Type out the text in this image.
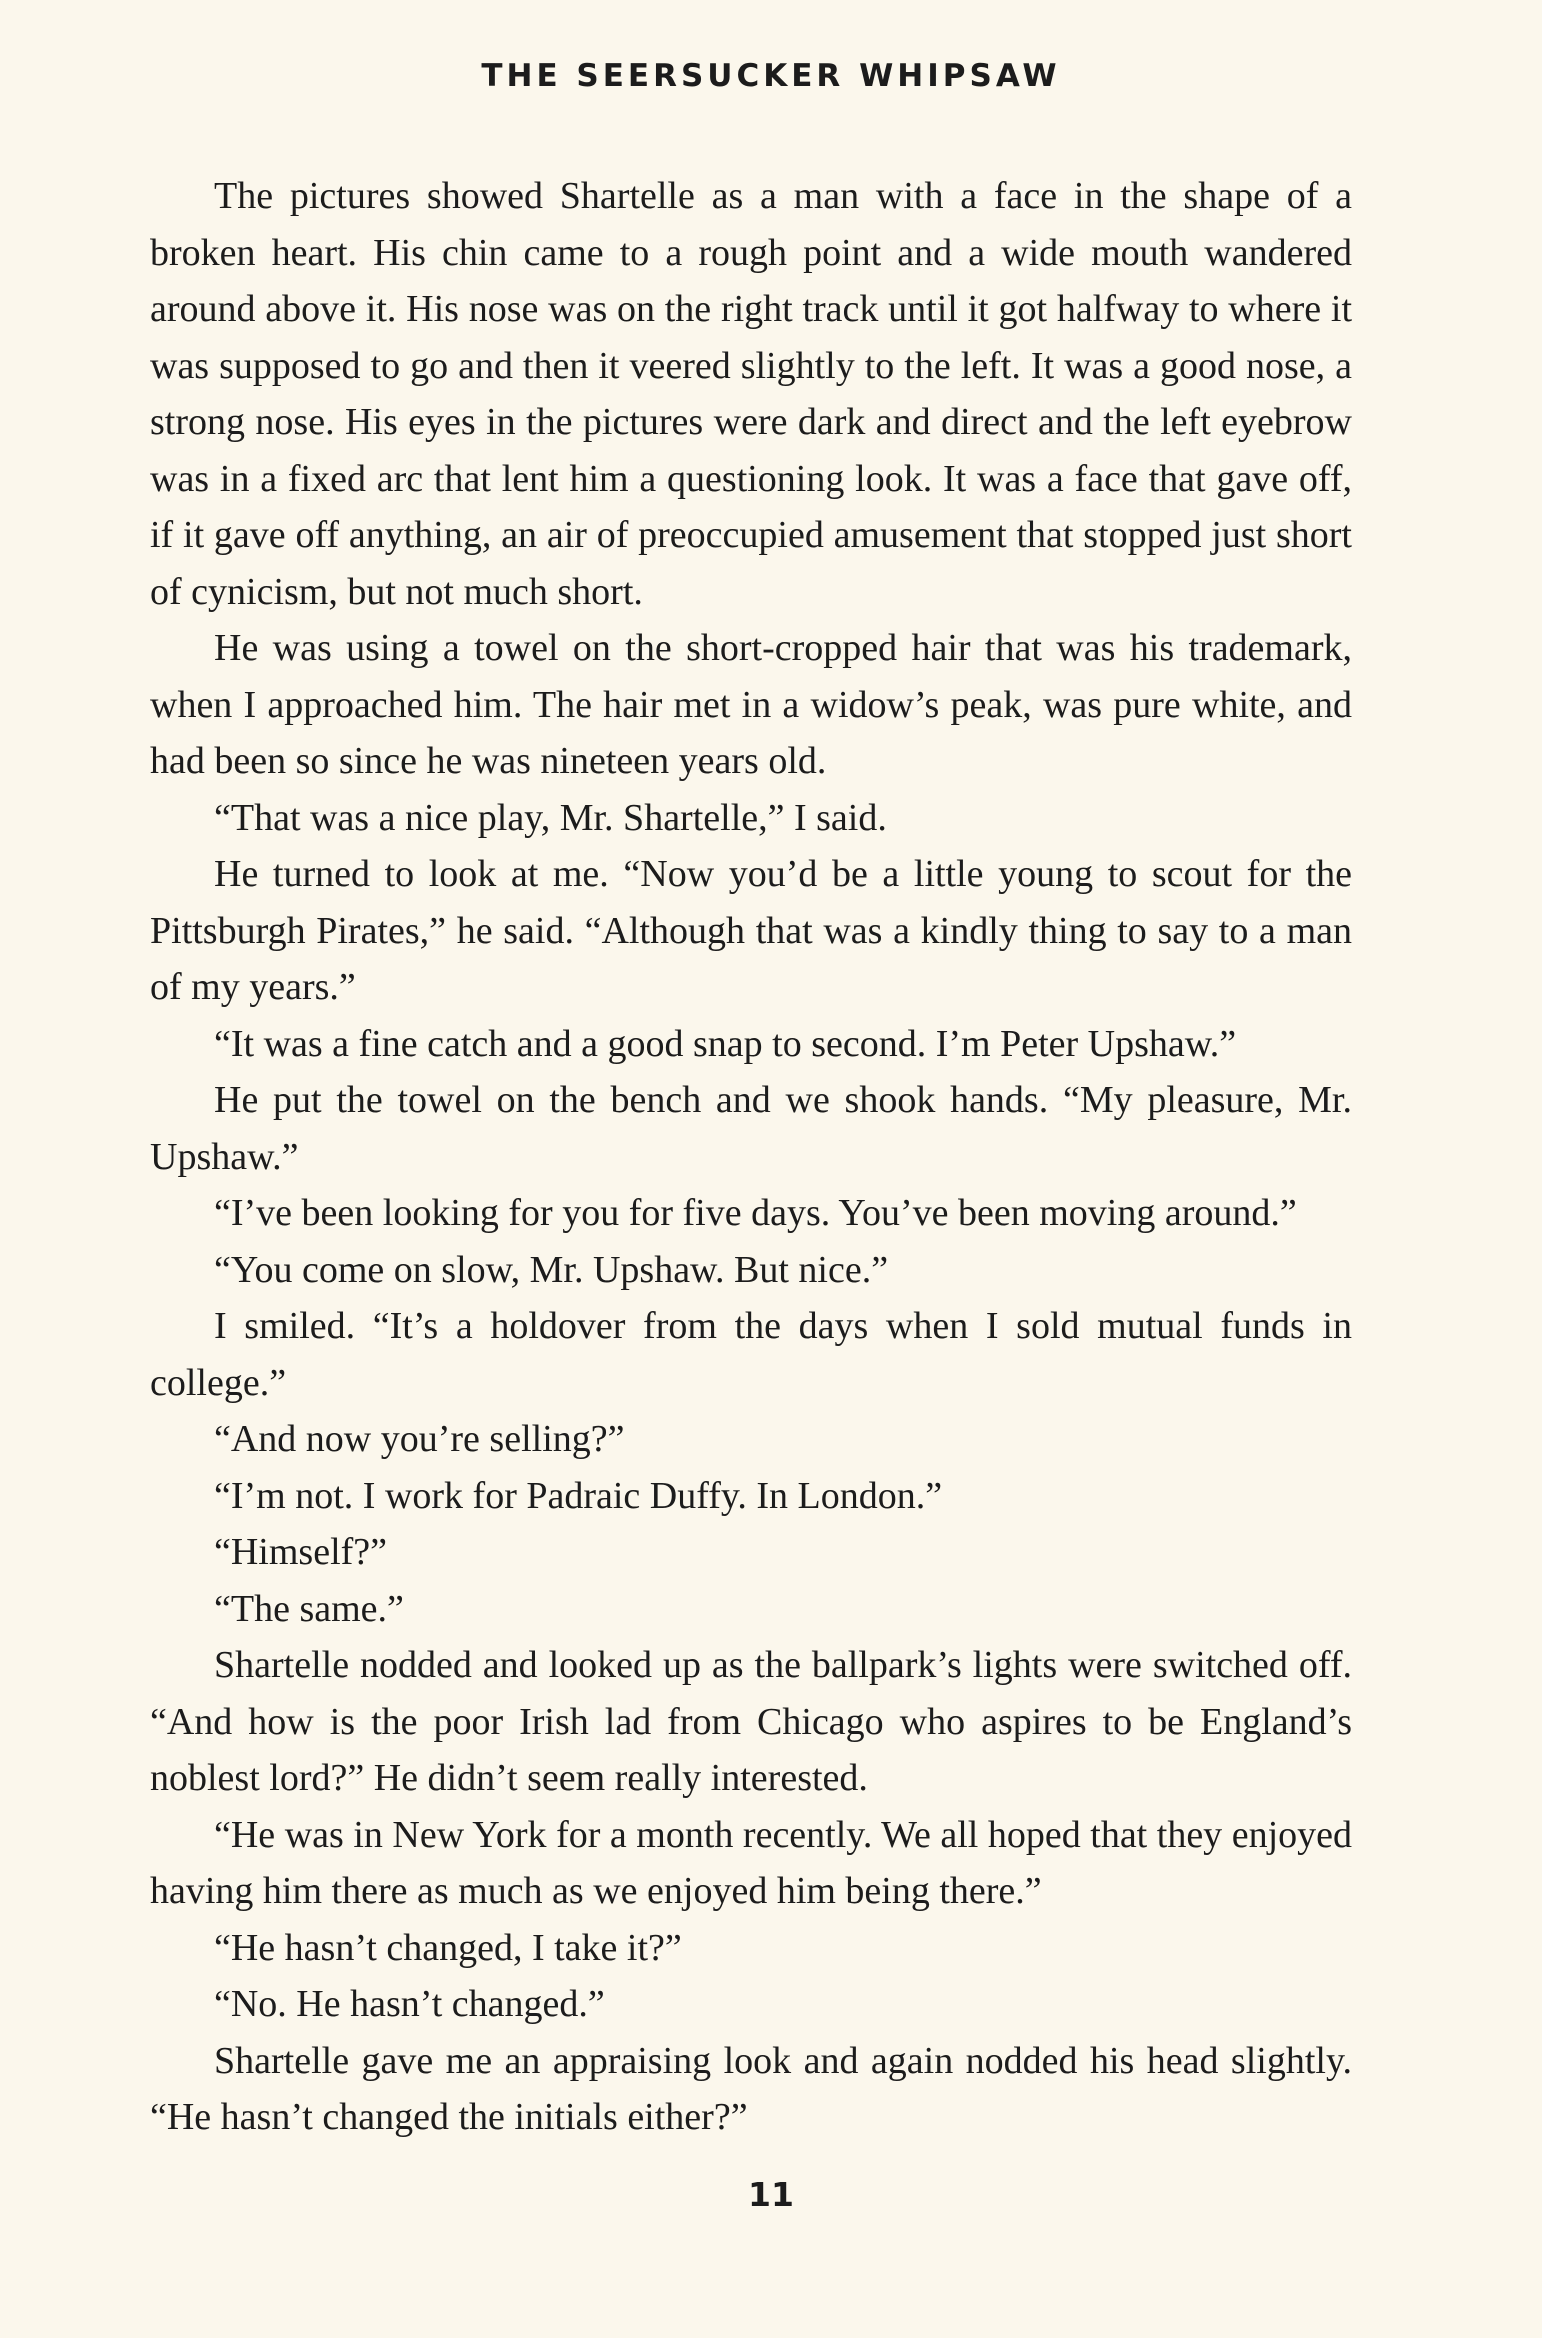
THE SEERSUCKER WHIPSAW

The pictures showed Shartelle as a man with a face in the shape of a broken heart. His chin came to a rough point and a wide mouth wandered around above it. His nose was on the right track until it got halfway to where it was supposed to go and then it veered slightly to the left. It was a good nose, a strong nose. His eyes in the pictures were dark and direct and the left eyebrow was in a fixed arc that lent him a questioning look. It was a face that gave off, if it gave off anything, an air of preoccupied amusement that stopped just short of cynicism, but not much short.

He was using a towel on the short-cropped hair that was his trademark, when I approached him. The hair met in a widow’s peak, was pure white, and had been so since he was nineteen years old.

“That was a nice play, Mr. Shartelle,” I said.

He turned to look at me. “Now you’d be a little young to scout for the Pittsburgh Pirates,” he said. “Although that was a kindly thing to say to a man of my years.”

“It was a fine catch and a good snap to second. I’m Peter Upshaw.”

He put the towel on the bench and we shook hands. “My pleasure, Mr. Upshaw.”

“I’ve been looking for you for five days. You’ve been moving around.”

“You come on slow, Mr. Upshaw. But nice.”

I smiled. “It’s a holdover from the days when I sold mutual funds in college.”

“And now you’re selling?”

“I’m not. I work for Padraic Duffy. In London.”

“Himself?”

“The same.”

Shartelle nodded and looked up as the ballpark’s lights were switched off. “And how is the poor Irish lad from Chicago who aspires to be England’s noblest lord?” He didn’t seem really interested.

“He was in New York for a month recently. We all hoped that they enjoyed having him there as much as we enjoyed him being there.”

“He hasn’t changed, I take it?”

“No. He hasn’t changed.”

Shartelle gave me an appraising look and again nodded his head slightly. “He hasn’t changed the initials either?”

11
